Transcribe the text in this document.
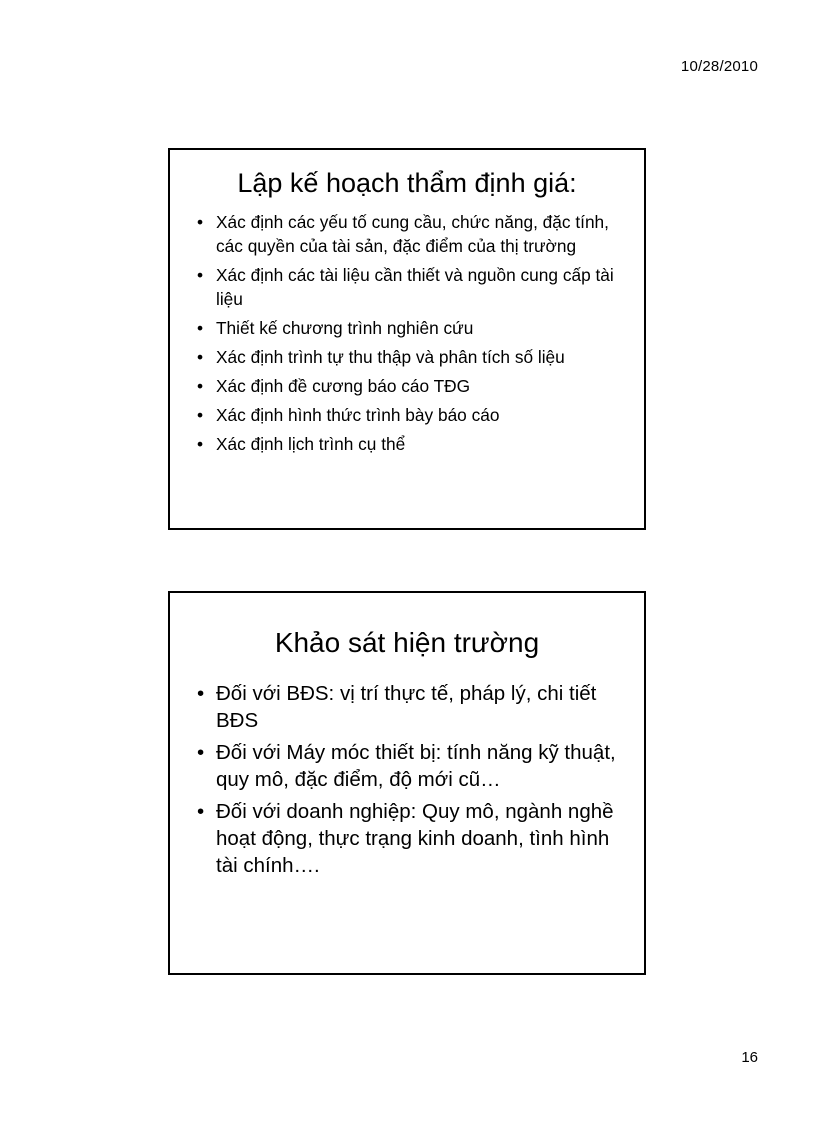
10/28/2010
Lập kế hoạch thẩm định giá:
• Xác định các yếu tố cung cầu, chức năng, đặc tính, các quyền của tài sản, đặc điểm của thị trường
• Xác định các tài liệu cần thiết và nguồn cung cấp tài liệu
• Thiết kế chương trình nghiên cứu
• Xác định trình tự thu thập và phân tích số liệu
• Xác định đề cương báo cáo TĐG
• Xác định hình thức trình bày báo cáo
• Xác định lịch trình cụ thể
Khảo sát hiện trường
• Đối với BĐS: vị trí thực tế, pháp lý, chi tiết BĐS
• Đối với Máy móc thiết bị: tính năng kỹ thuật, quy mô, đặc điểm, độ mới cũ…
• Đối với doanh nghiệp: Quy mô, ngành nghề hoạt động, thực trạng kinh doanh, tình hình tài chính….
16
